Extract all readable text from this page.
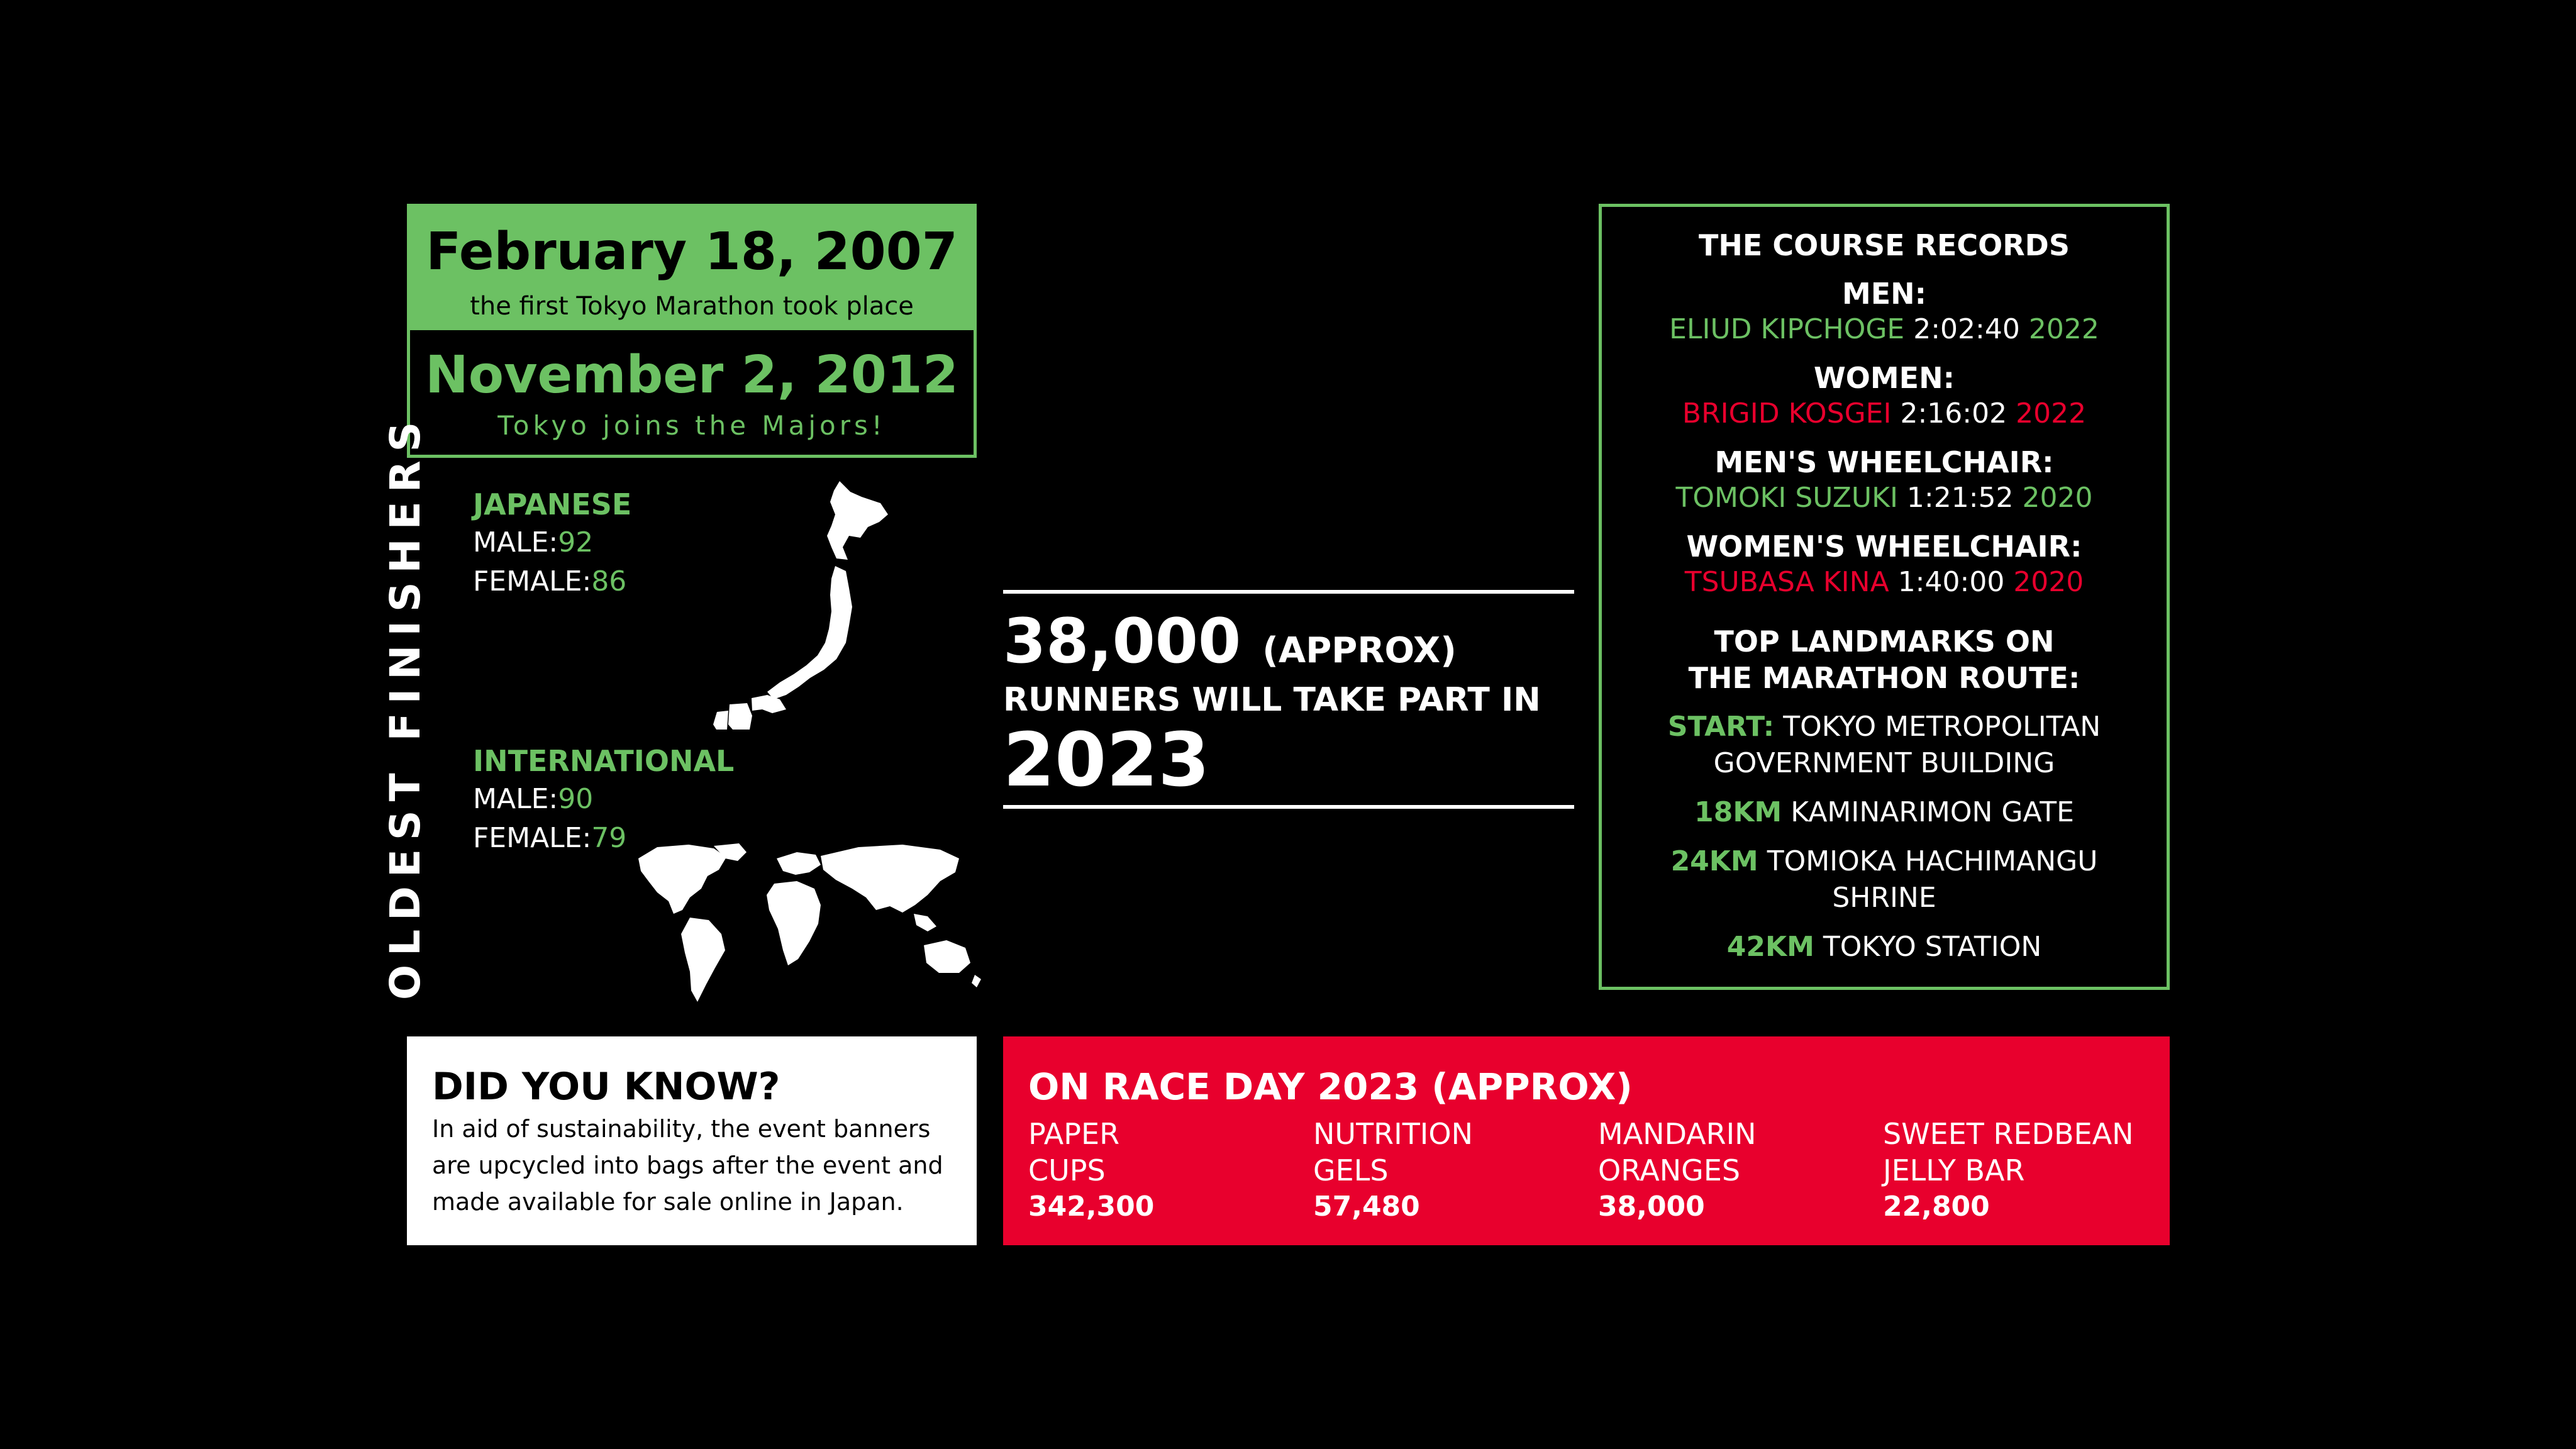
February 18, 2007
the first Tokyo Marathon took place
November 2, 2012
Tokyo joins the Majors!
OLDEST FINISHERS JAPANESE
MALE:92
FEMALE:86
INTERNATIONAL
MALE:90
FEMALE:79
38,000 (APPROX)
RUNNERS WILL TAKE PART IN
2023
THE COURSE RECORDS
MEN:
ELIUD KIPCHOGE 2:02:40 2022
WOMEN:
BRIGID KOSGEI 2:16:02 2022
MEN'S WHEELCHAIR:
TOMOKI SUZUKI 1:21:52 2020
WOMEN'S WHEELCHAIR:
TSUBASA KINA 1:40:00 2020
TOP LANDMARKS ON
THE MARATHON ROUTE:
START: TOKYO METROPOLITAN
GOVERNMENT BUILDING
18KM KAMINARIMON GATE
24KM TOMIOKA HACHIMANGU
SHRINE
42KM TOKYO STATION
DID YOU KNOW?
In aid of sustainability, the event banners
are upcycled into bags after the event and
made available for sale online in Japan.
ON RACE DAY 2023 (APPROX)
PAPER
CUPS
342,300
NUTRITION
GELS
57,480
MANDARIN
ORANGES
38,000
SWEET REDBEAN
JELLY BAR
22,800
